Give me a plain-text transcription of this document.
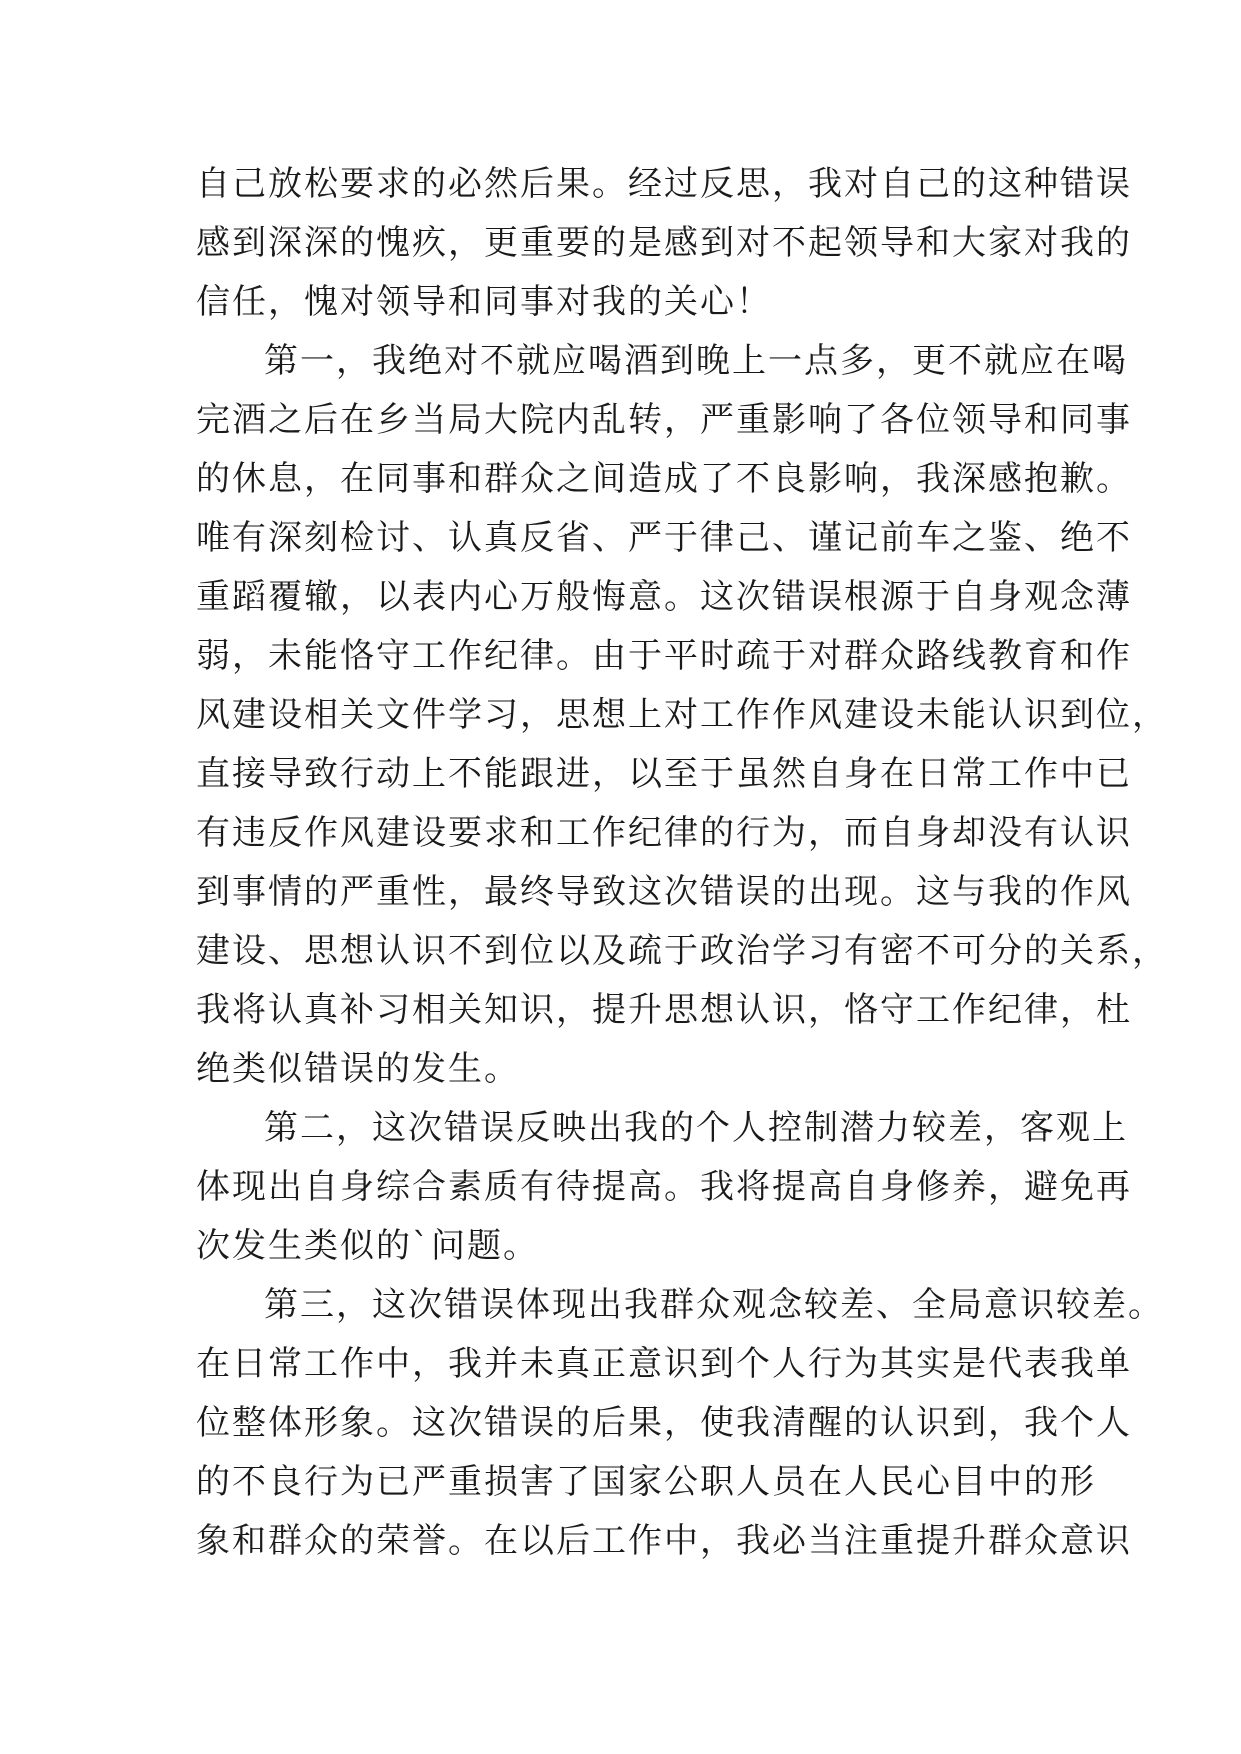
自己放松要求的必然后果。经过反思，我对自己的这种错误
感到深深的愧疚，更重要的是感到对不起领导和大家对我的
信任，愧对领导和同事对我的关心！
第一，我绝对不就应喝酒到晚上一点多，更不就应在喝
完酒之后在乡当局大院内乱转，严重影响了各位领导和同事
的休息，在同事和群众之间造成了不良影响，我深感抱歉。
唯有深刻检讨、认真反省、严于律己、谨记前车之鉴、绝不
重蹈覆辙，以表内心万般悔意。这次错误根源于自身观念薄
弱，未能恪守工作纪律。由于平时疏于对群众路线教育和作
风建设相关文件学习，思想上对工作作风建设未能认识到位，
直接导致行动上不能跟进，以至于虽然自身在日常工作中已
有违反作风建设要求和工作纪律的行为，而自身却没有认识
到事情的严重性，最终导致这次错误的出现。这与我的作风
建设、思想认识不到位以及疏于政治学习有密不可分的关系，
我将认真补习相关知识，提升思想认识，恪守工作纪律，杜
绝类似错误的发生。
第二，这次错误反映出我的个人控制潜力较差，客观上
体现出自身综合素质有待提高。我将提高自身修养，避免再
次发生类似的`问题。
第三，这次错误体现出我群众观念较差、全局意识较差。
在日常工作中，我并未真正意识到个人行为其实是代表我单
位整体形象。这次错误的后果，使我清醒的认识到，我个人
的不良行为已严重损害了国家公职人员在人民心目中的形
象和群众的荣誉。在以后工作中，我必当注重提升群众意识
